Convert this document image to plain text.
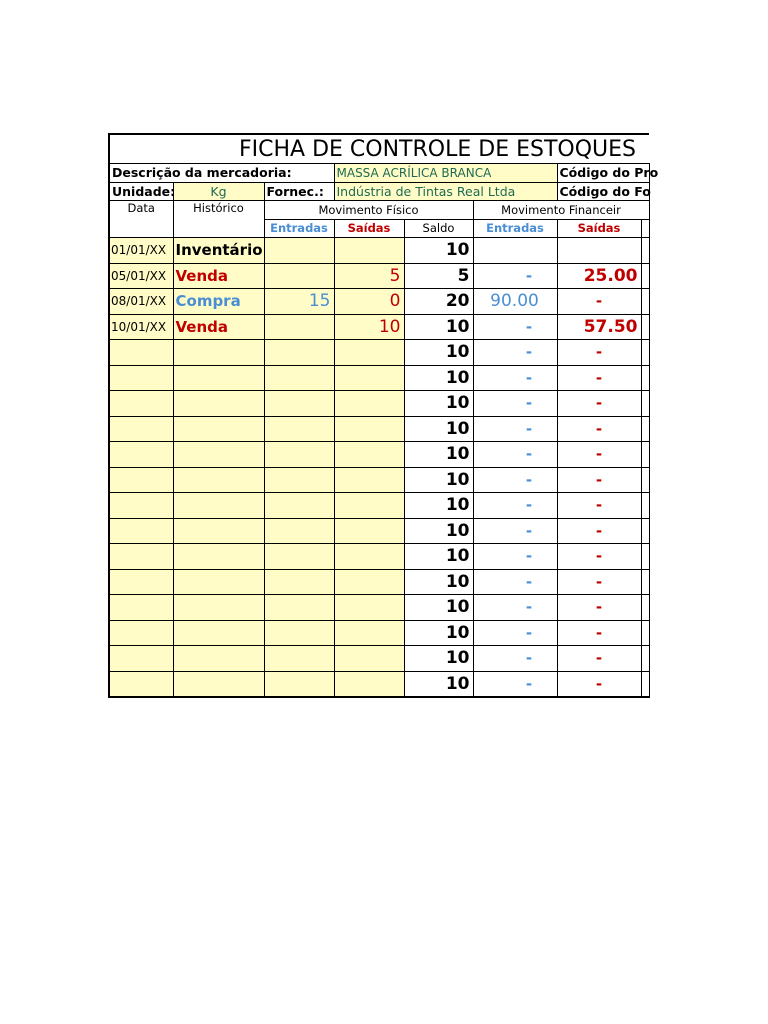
FICHA DE CONTROLE DE ESTOQUES							
Descrição da mercadoria:			MASSA ACRÍLICA BRANCA			Código do Pro	
Unidade:	Kg	Fornec.:	Indústria de Tintas Real Ltda			Código do Fo	
Data	Histórico	Movimento Físico			Movimento Financeir		
		Entradas	Saídas	Saldo	Entradas	Saídas	
01/01/XX	Inventário			10			
05/01/XX	Venda		5	5	-	25.00	
08/01/XX	Compra	15	0	20	90.00	-	
10/01/XX	Venda		10	10	-	57.50	
				10	-	-	
				10	-	-	
				10	-	-	
				10	-	-	
				10	-	-	
				10	-	-	
				10	-	-	
				10	-	-	
				10	-	-	
				10	-	-	
				10	-	-	
				10	-	-	
				10	-	-	
				10	-	-	
